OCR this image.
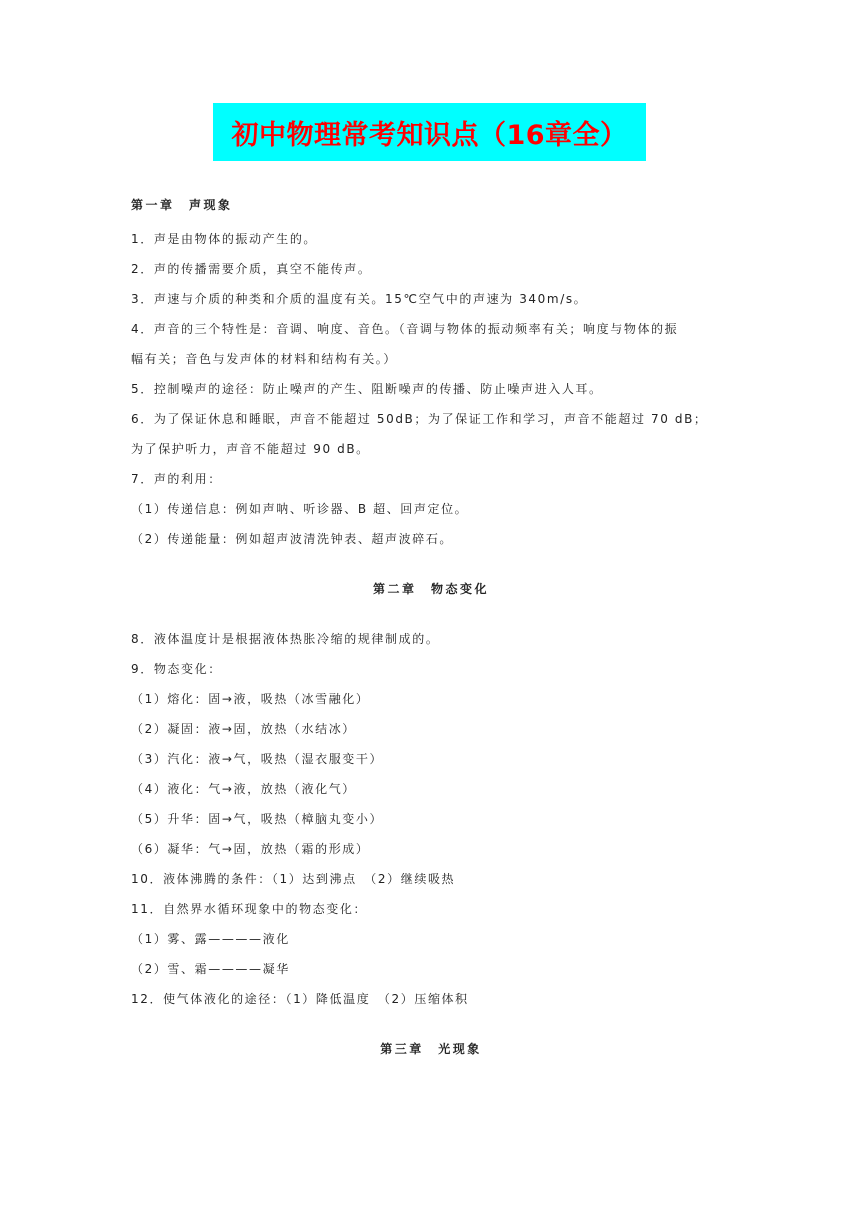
初中物理常考知识点（16章全）
第一章　声现象
1．声是由物体的振动产生的。
2．声的传播需要介质，真空不能传声。
3．声速与介质的种类和介质的温度有关。15℃空气中的声速为 340m/s。
4．声音的三个特性是：音调、响度、音色。（音调与物体的振动频率有关；响度与物体的振
幅有关；音色与发声体的材料和结构有关。）
5．控制噪声的途径：防止噪声的产生、阻断噪声的传播、防止噪声进入人耳。
6．为了保证休息和睡眠，声音不能超过 50dB；为了保证工作和学习，声音不能超过 70 dB；
为了保护听力，声音不能超过 90 dB。
7．声的利用：
（1）传递信息：例如声呐、听诊器、B 超、回声定位。
（2）传递能量：例如超声波清洗钟表、超声波碎石。
第二章　物态变化
8．液体温度计是根据液体热胀冷缩的规律制成的。
9．物态变化：
（1）熔化：固→液，吸热（冰雪融化）
（2）凝固：液→固，放热（水结冰）
（3）汽化：液→气，吸热（湿衣服变干）
（4）液化：气→液，放热（液化气）
（5）升华：固→气，吸热（樟脑丸变小）
（6）凝华：气→固，放热（霜的形成）
10．液体沸腾的条件：（1）达到沸点　（2）继续吸热
11．自然界水循环现象中的物态变化：
（1）雾、露————液化
（2）雪、霜————凝华
12．使气体液化的途径：（1）降低温度　（2）压缩体积
第三章　光现象
